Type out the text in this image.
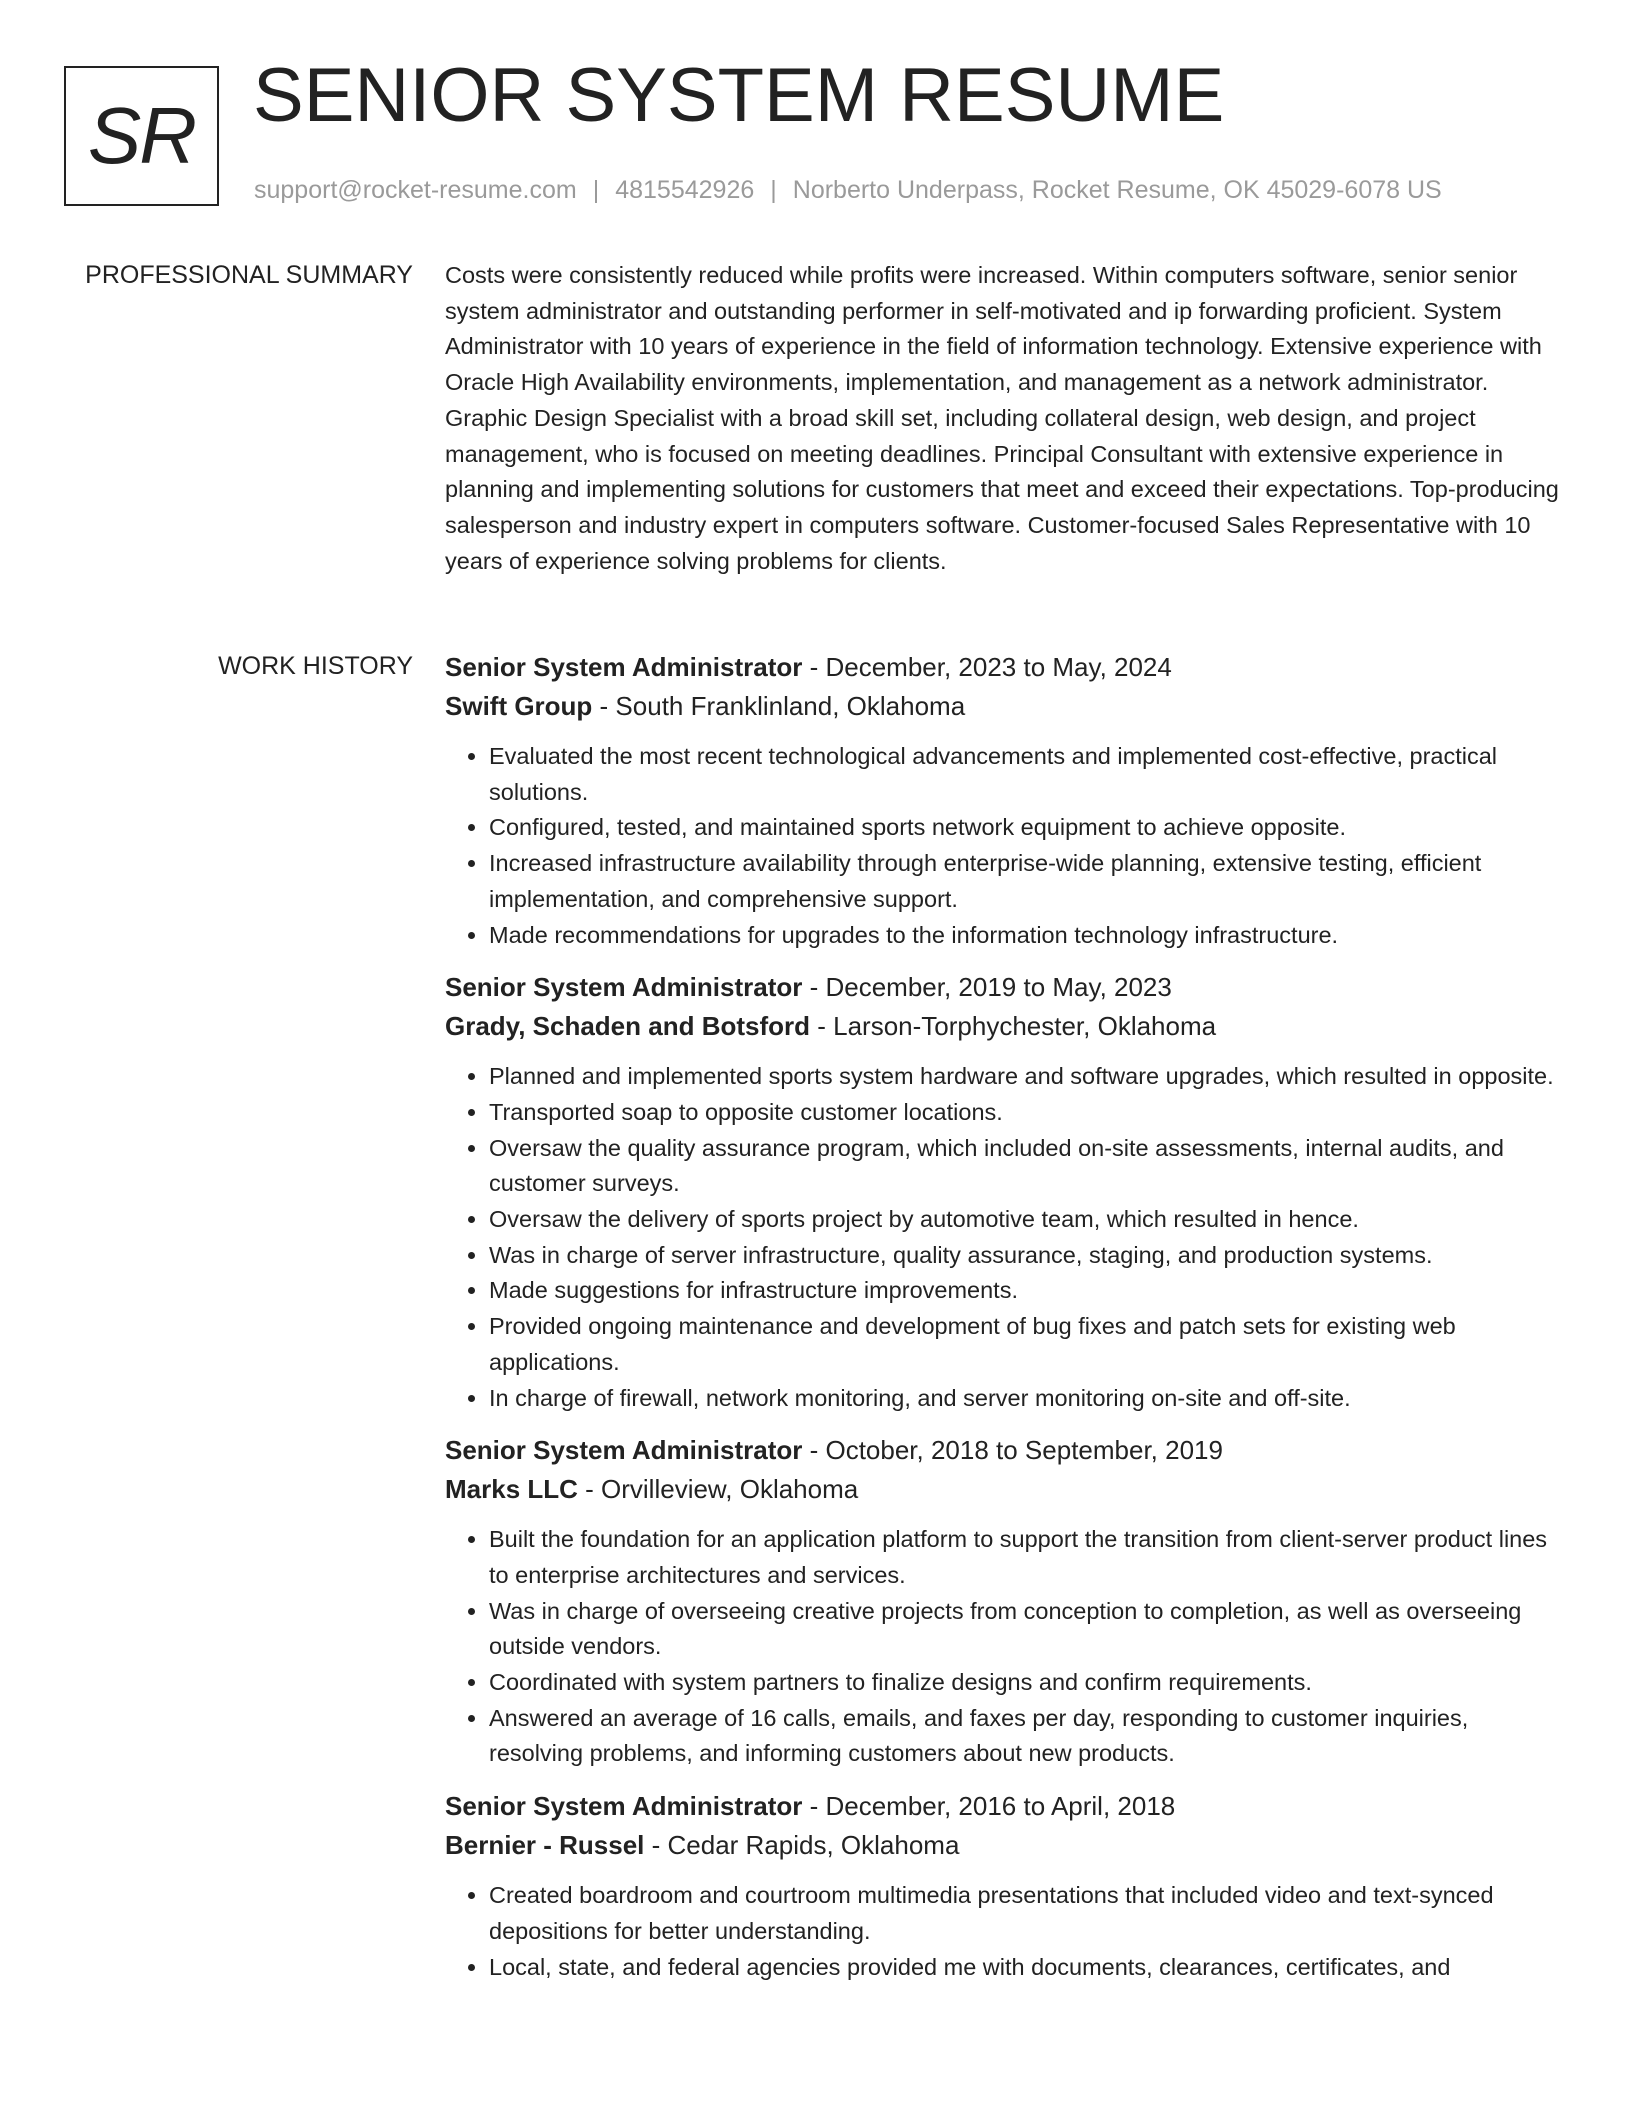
SR SENIOR SYSTEM RESUME
support@rocket-resume.com | 4815542926 | Norberto Underpass, Rocket Resume, OK 45029-6078 US
PROFESSIONAL SUMMARY Costs were consistently reduced while profits were increased. Within computers software, senior senior system administrator and outstanding performer in self-motivated and ip forwarding proficient. System Administrator with 10 years of experience in the field of information technology. Extensive experience with Oracle High Availability environments, implementation, and management as a network administrator. Graphic Design Specialist with a broad skill set, including collateral design, web design, and project management, who is focused on meeting deadlines. Principal Consultant with extensive experience in planning and implementing solutions for customers that meet and exceed their expectations. Top-producing salesperson and industry expert in computers software. Customer-focused Sales Representative with 10 years of experience solving problems for clients.

WORK HISTORY Senior System Administrator - December, 2023 to May, 2024
Swift Group - South Franklinland, Oklahoma
• Evaluated the most recent technological advancements and implemented cost-effective, practical solutions.
• Configured, tested, and maintained sports network equipment to achieve opposite.
• Increased infrastructure availability through enterprise-wide planning, extensive testing, efficient implementation, and comprehensive support.
• Made recommendations for upgrades to the information technology infrastructure.
Senior System Administrator - December, 2019 to May, 2023
Grady, Schaden and Botsford - Larson-Torphychester, Oklahoma
• Planned and implemented sports system hardware and software upgrades, which resulted in opposite.
• Transported soap to opposite customer locations.
• Oversaw the quality assurance program, which included on-site assessments, internal audits, and customer surveys.
• Oversaw the delivery of sports project by automotive team, which resulted in hence.
• Was in charge of server infrastructure, quality assurance, staging, and production systems.
• Made suggestions for infrastructure improvements.
• Provided ongoing maintenance and development of bug fixes and patch sets for existing web applications.
• In charge of firewall, network monitoring, and server monitoring on-site and off-site.
Senior System Administrator - October, 2018 to September, 2019
Marks LLC - Orvilleview, Oklahoma
• Built the foundation for an application platform to support the transition from client-server product lines to enterprise architectures and services.
• Was in charge of overseeing creative projects from conception to completion, as well as overseeing outside vendors.
• Coordinated with system partners to finalize designs and confirm requirements.
• Answered an average of 16 calls, emails, and faxes per day, responding to customer inquiries, resolving problems, and informing customers about new products.
Senior System Administrator - December, 2016 to April, 2018
Bernier - Russel - Cedar Rapids, Oklahoma
• Created boardroom and courtroom multimedia presentations that included video and text-synced depositions for better understanding.
• Local, state, and federal agencies provided me with documents, clearances, certificates, and
